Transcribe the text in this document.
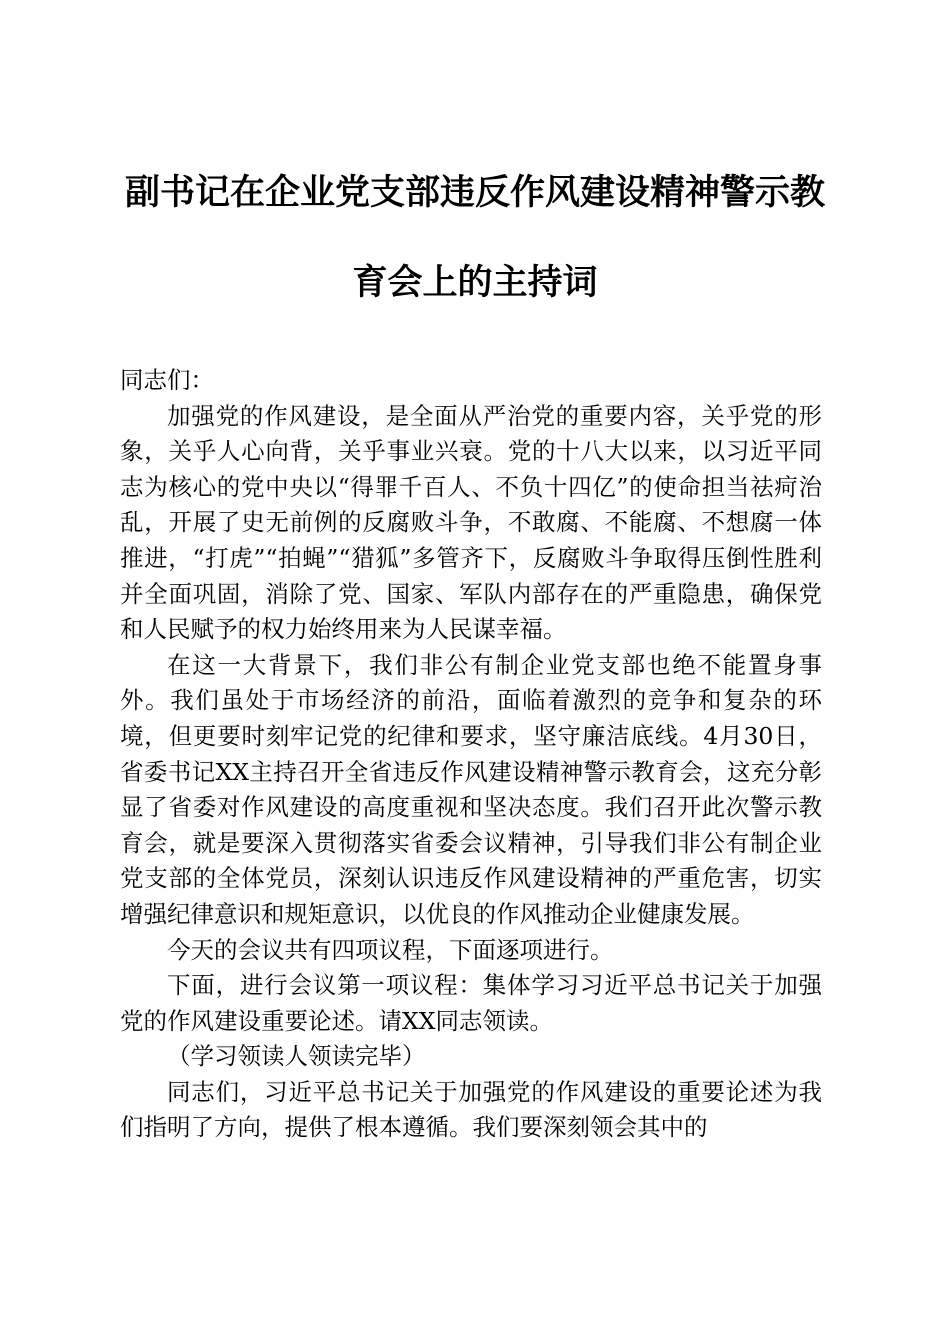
副书记在企业党支部违反作风建设精神警示教育会上的主持词

同志们：

加强党的作风建设，是全面从严治党的重要内容，关乎党的形象，关乎人心向背，关乎事业兴衰。党的十八大以来，以习近平同志为核心的党中央以“得罪千百人、不负十四亿”的使命担当祛疴治乱，开展了史无前例的反腐败斗争，不敢腐、不能腐、不想腐一体推进，“打虎”“拍蝇”“猎狐”多管齐下，反腐败斗争取得压倒性胜利并全面巩固，消除了党、国家、军队内部存在的严重隐患，确保党和人民赋予的权力始终用来为人民谋幸福。

在这一大背景下，我们非公有制企业党支部也绝不能置身事外。我们虽处于市场经济的前沿，面临着激烈的竞争和复杂的环境，但更要时刻牢记党的纪律和要求，坚守廉洁底线。4月30日，省委书记XX主持召开全省违反作风建设精神警示教育会，这充分彰显了省委对作风建设的高度重视和坚决态度。我们召开此次警示教育会，就是要深入贯彻落实省委会议精神，引导我们非公有制企业党支部的全体党员，深刻认识违反作风建设精神的严重危害，切实增强纪律意识和规矩意识，以优良的作风推动企业健康发展。

今天的会议共有四项议程，下面逐项进行。

下面，进行会议第一项议程：集体学习习近平总书记关于加强党的作风建设重要论述。请XX同志领读。

（学习领读人领读完毕）

同志们，习近平总书记关于加强党的作风建设的重要论述为我们指明了方向，提供了根本遵循。我们要深刻领会其中的
